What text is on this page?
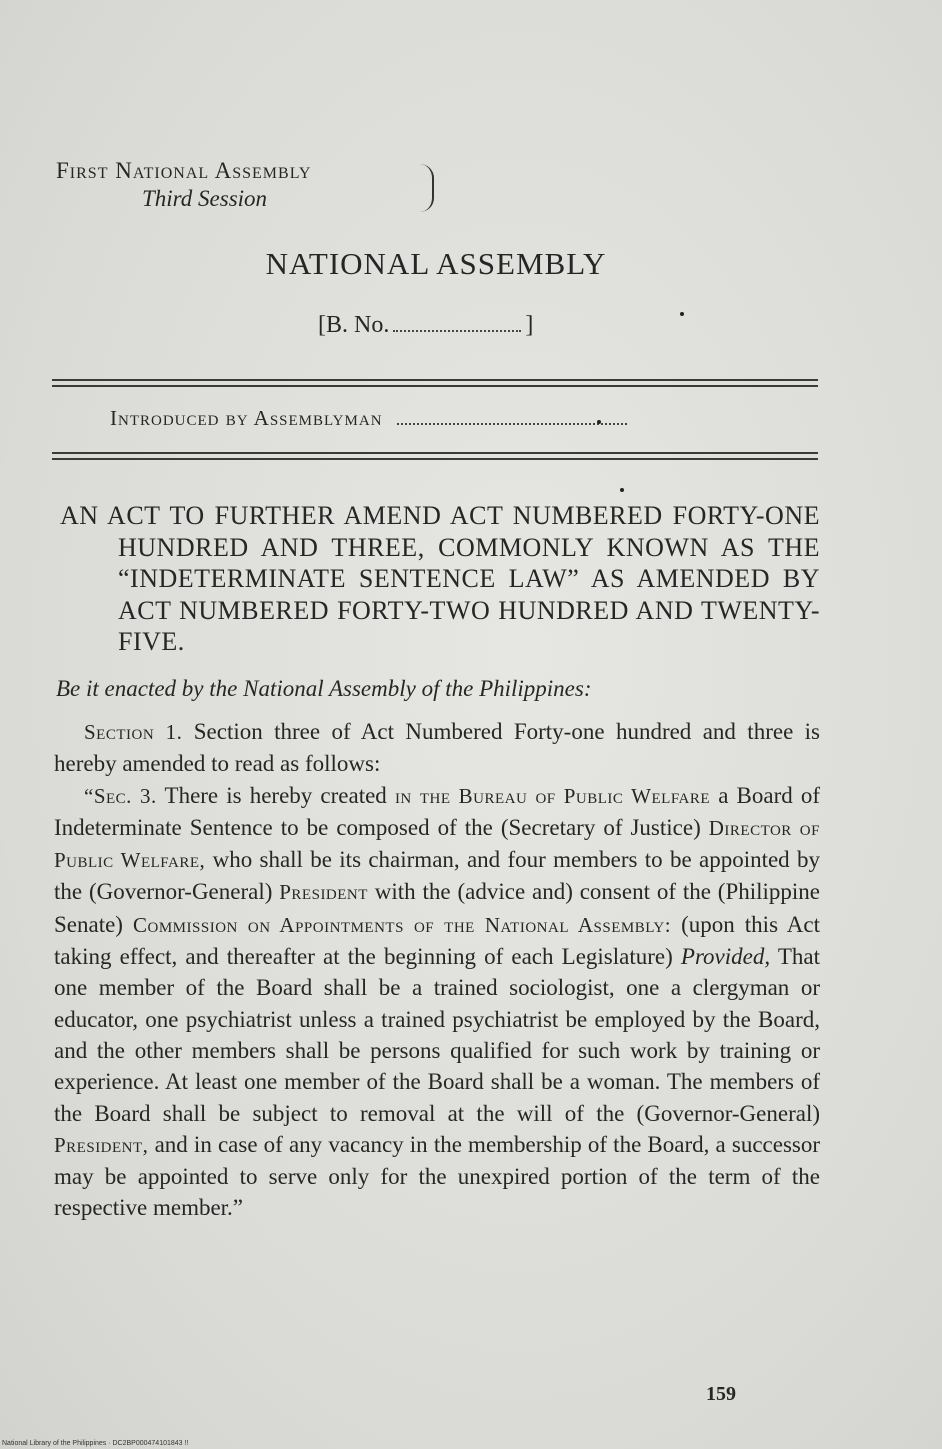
First National Assembly
Third Session
NATIONAL ASSEMBLY
[B. No.	]
Introduced by Assemblyman
AN ACT TO FURTHER AMEND ACT NUMBERED FORTY-ONE HUNDRED AND THREE, COMMONLY KNOWN AS THE “INDETERMINATE SENTENCE LAW” AS AMENDED BY ACT NUMBERED FORTY-TWO HUNDRED AND TWENTY-FIVE.
Be it enacted by the National Assembly of the Philippines:

Section 1. Section three of Act Numbered Forty-one hundred and three is hereby amended to read as follows:

“Sec. 3. There is hereby created in the Bureau of Public Welfare a Board of Indeterminate Sentence to be composed of the (Secretary of Justice) Director of Public Welfare, who shall be its chairman, and four members to be appointed by the (Governor-General) President with the (advice and) consent of the (Philippine Senate) Commission on Appointments of the National Assembly: (upon this Act taking effect, and thereafter at the beginning of each Legislature) Provided, That one member of the Board shall be a trained sociologist, one a clergyman or educator, one psychiatrist unless a trained psychiatrist be employed by the Board, and the other members shall be persons qualified for such work by training or experience. At least one member of the Board shall be a woman. The members of the Board shall be subject to removal at the will of the (Governor-General) President, and in case of any vacancy in the membership of the Board, a successor may be appointed to serve only for the unexpired portion of the term of the respective member.”

159
National Library of the Philippines · DC2BP000474101843 !!
